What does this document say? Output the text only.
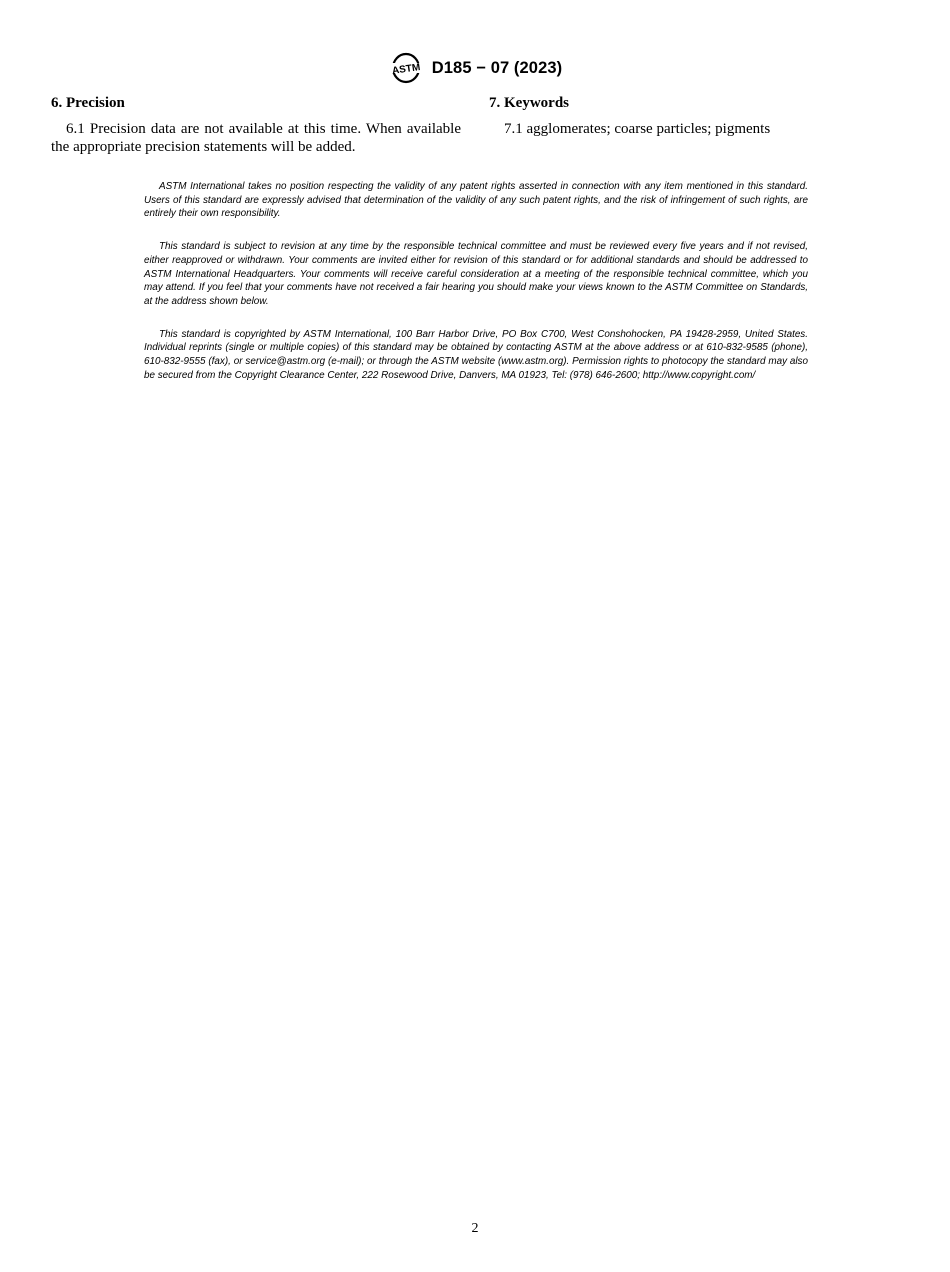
ASTM D185 − 07 (2023)
6. Precision

6.1 Precision data are not available at this time. When available the appropriate precision statements will be added.

7. Keywords

7.1 agglomerates; coarse particles; pigments

ASTM International takes no position respecting the validity of any patent rights asserted in connection with any item mentioned in this standard. Users of this standard are expressly advised that determination of the validity of any such patent rights, and the risk of infringement of such rights, are entirely their own responsibility.

This standard is subject to revision at any time by the responsible technical committee and must be reviewed every five years and if not revised, either reapproved or withdrawn. Your comments are invited either for revision of this standard or for additional standards and should be addressed to ASTM International Headquarters. Your comments will receive careful consideration at a meeting of the responsible technical committee, which you may attend. If you feel that your comments have not received a fair hearing you should make your views known to the ASTM Committee on Standards, at the address shown below.

This standard is copyrighted by ASTM International, 100 Barr Harbor Drive, PO Box C700, West Conshohocken, PA 19428-2959, United States. Individual reprints (single or multiple copies) of this standard may be obtained by contacting ASTM at the above address or at 610-832-9585 (phone), 610-832-9555 (fax), or service@astm.org (e-mail); or through the ASTM website (www.astm.org). Permission rights to photocopy the standard may also be secured from the Copyright Clearance Center, 222 Rosewood Drive, Danvers, MA 01923, Tel: (978) 646-2600; http://www.copyright.com/

2
